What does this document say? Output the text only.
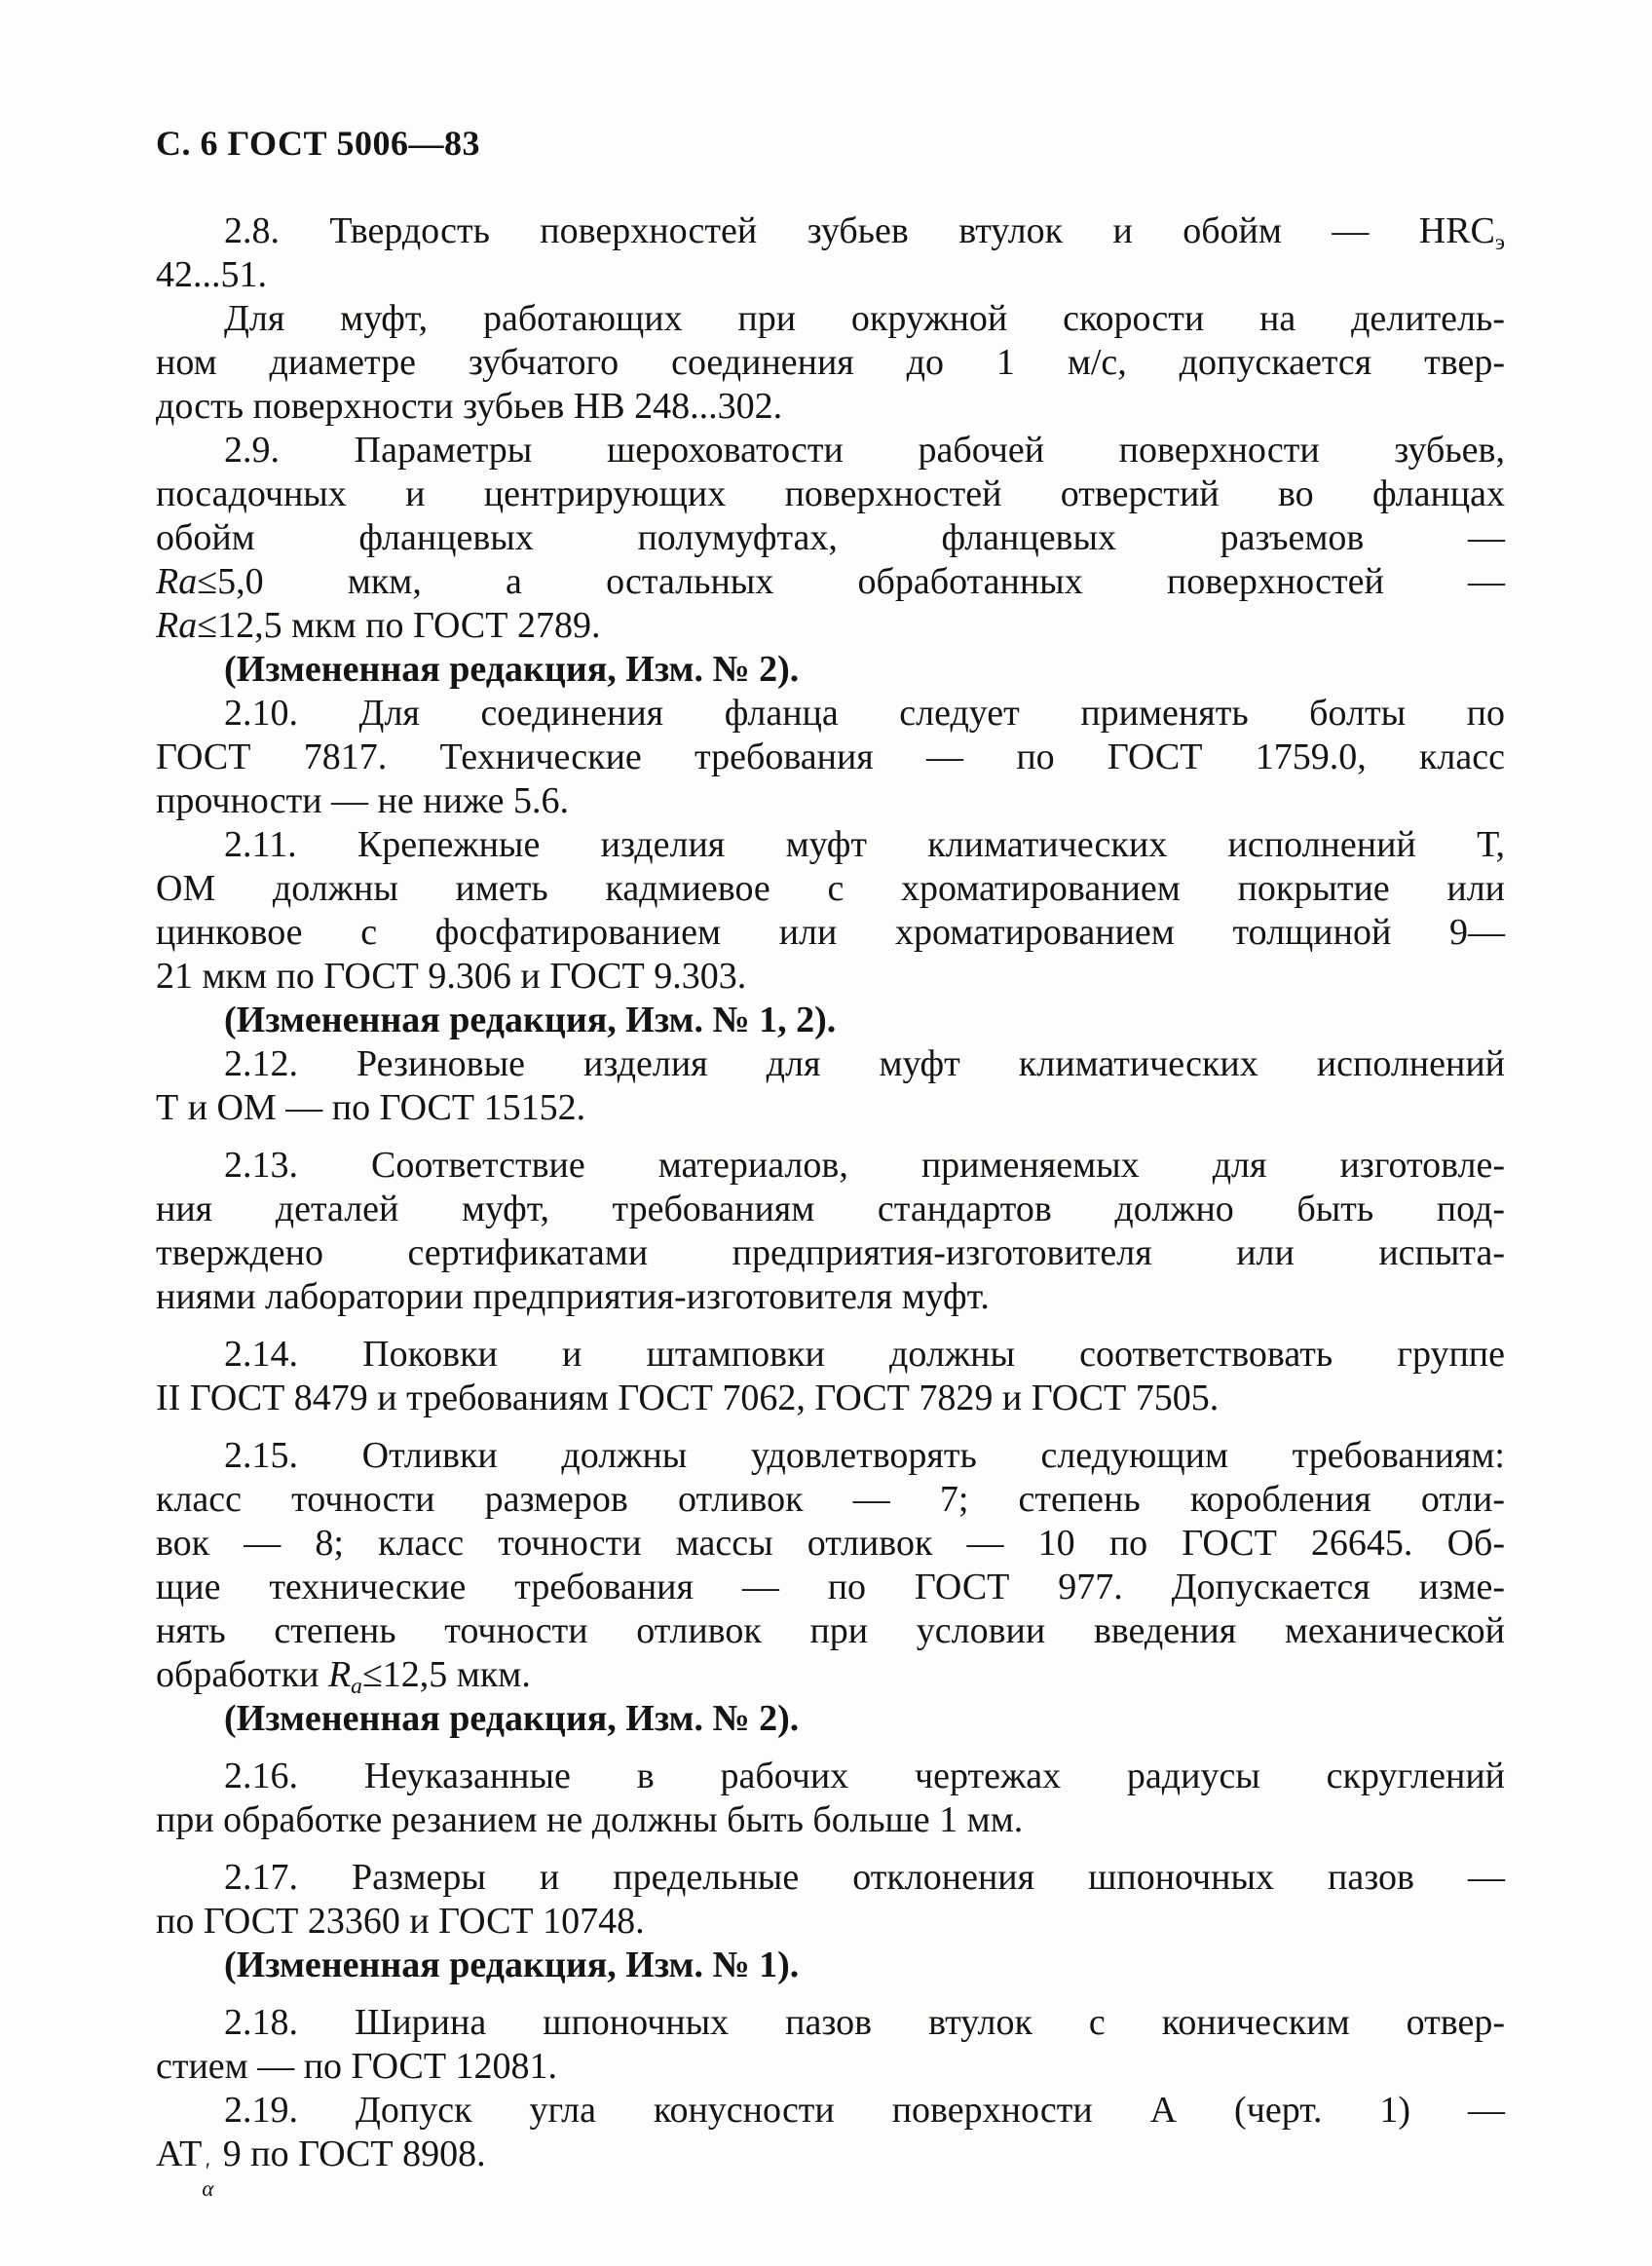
С. 6 ГОСТ 5006—83
2.8. Твердость поверхностей зубьев втулок и обойм — $HRC_э$
42...51.
Для муфт, работающих при окружной скорости на делитель-
ном диаметре зубчатого соединения до 1 м/с, допускается твер-
дость поверхности зубьев НВ 248...302.
2.9. Параметры шероховатости рабочей поверхности зубьев,
посадочных и центрирующих поверхностей отверстий во фланцах
обойм фланцевых полумуфтах, фланцевых разъемов —
Ra≤5,0 мкм, а остальных обработанных поверхностей —
Ra≤12,5 мкм по ГОСТ 2789.
(Измененная редакция, Изм. № 2).
2.10. Для соединения фланца следует применять болты по
ГОСТ 7817. Технические требования — по ГОСТ 1759.0, класс
прочности — не ниже 5.6.
2.11. Крепежные изделия муфт климатических исполнений Т,
ОМ должны иметь кадмиевое с хроматированием покрытие или
цинковое с фосфатированием или хроматированием толщиной 9—
21 мкм по ГОСТ 9.306 и ГОСТ 9.303.
(Измененная редакция, Изм. № 1, 2).
2.12. Резиновые изделия для муфт климатических исполнений
Т и ОМ — по ГОСТ 15152.
2.13. Соответствие материалов, применяемых для изготовле-
ния деталей муфт, требованиям стандартов должно быть под-
тверждено сертификатами предприятия-изготовителя или испыта-
ниями лаборатории предприятия-изготовителя муфт.
2.14. Поковки и штамповки должны соответствовать группе
II ГОСТ 8479 и требованиям ГОСТ 7062, ГОСТ 7829 и ГОСТ 7505.
2.15. Отливки должны удовлетворять следующим требованиям:
класс точности размеров отливок — 7; степень коробления отли-
вок — 8; класс точности массы отливок — 10 по ГОСТ 26645. Об-
щие технические требования — по ГОСТ 977. Допускается изме-
нять степень точности отливок при условии введения механической
обработки $R_a\le 12,5$ мкм.
(Измененная редакция, Изм. № 2).
2.16. Неуказанные в рабочих чертежах радиусы скруглений
при обработке резанием не должны быть больше 1 мм.
2.17. Размеры и предельные отклонения шпоночных пазов —
по ГОСТ 23360 и ГОСТ 10748.
(Измененная редакция, Изм. № 1).
2.18. Ширина шпоночных пазов втулок с коническим отвер-
стием — по ГОСТ 12081.
2.19. Допуск угла конусности поверхности А (черт. 1) —
АТ ′
α
9 по ГОСТ 8908.
